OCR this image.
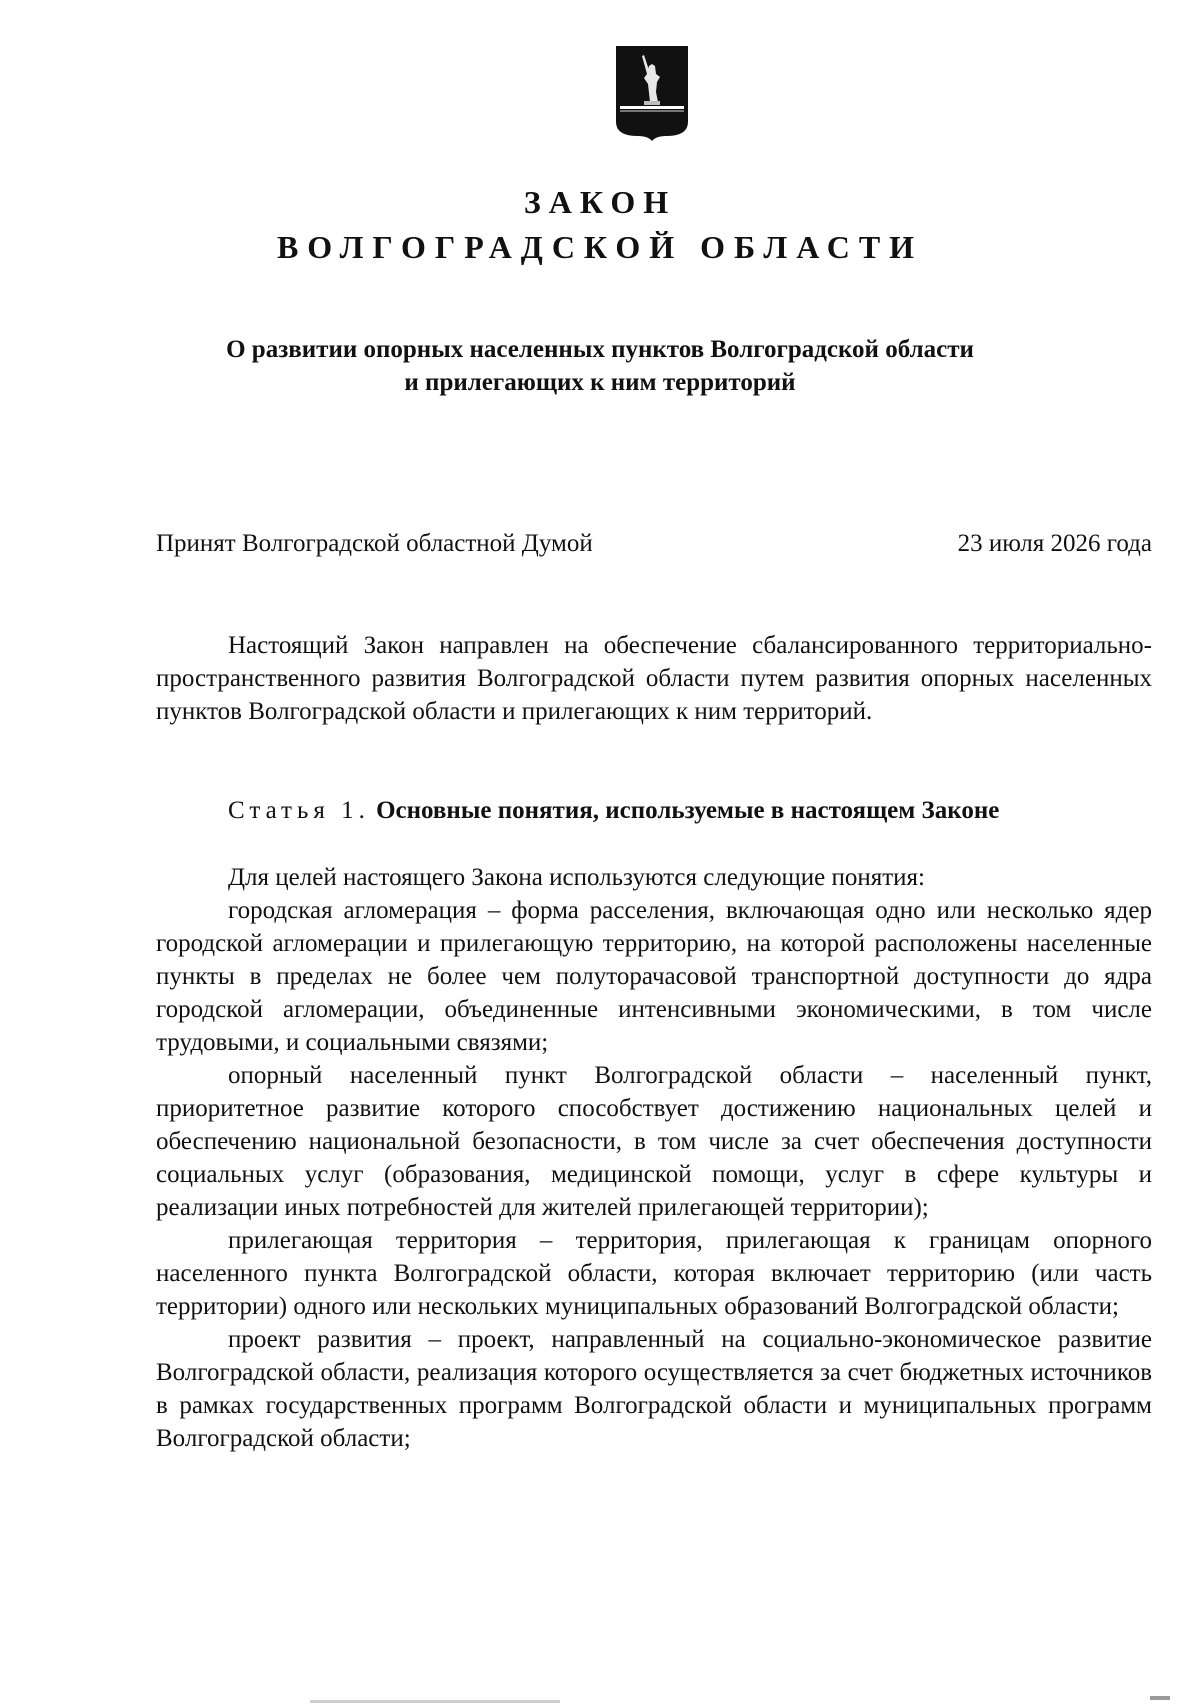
ЗАКОН
ВОЛГОГРАДСКОЙ ОБЛАСТИ
О развитии опорных населенных пунктов Волгоградской области
и прилегающих к ним территорий
Принят Волгоградской областной Думой	23 июля 2026 года

Настоящий Закон направлен на обеспечение сбалансированного территориально-пространственного развития Волгоградской области путем развития опорных населенных пунктов Волгоградской области и прилегающих к ним территорий.

Статья 1. Основные понятия, используемые в настоящем Законе

Для целей настоящего Закона используются следующие понятия:

городская агломерация – форма расселения, включающая одно или несколько ядер городской агломерации и прилегающую территорию, на которой расположены населенные пункты в пределах не более чем полуторачасовой транспортной доступности до ядра городской агломерации, объединенные интенсивными экономическими, в том числе трудовыми, и социальными связями;

опорный населенный пункт Волгоградской области – населенный пункт, приоритетное развитие которого способствует достижению национальных целей и обеспечению национальной безопасности, в том числе за счет обеспечения доступности социальных услуг (образования, медицинской помощи, услуг в сфере культуры и реализации иных потребностей для жителей прилегающей территории);

прилегающая территория – территория, прилегающая к границам опорного населенного пункта Волгоградской области, которая включает территорию (или часть территории) одного или нескольких муниципальных образований Волгоградской области;

проект развития – проект, направленный на социально-экономическое развитие Волгоградской области, реализация которого осуществляется за счет бюджетных источников в рамках государственных программ Волгоградской области и муниципальных программ Волгоградской области;
